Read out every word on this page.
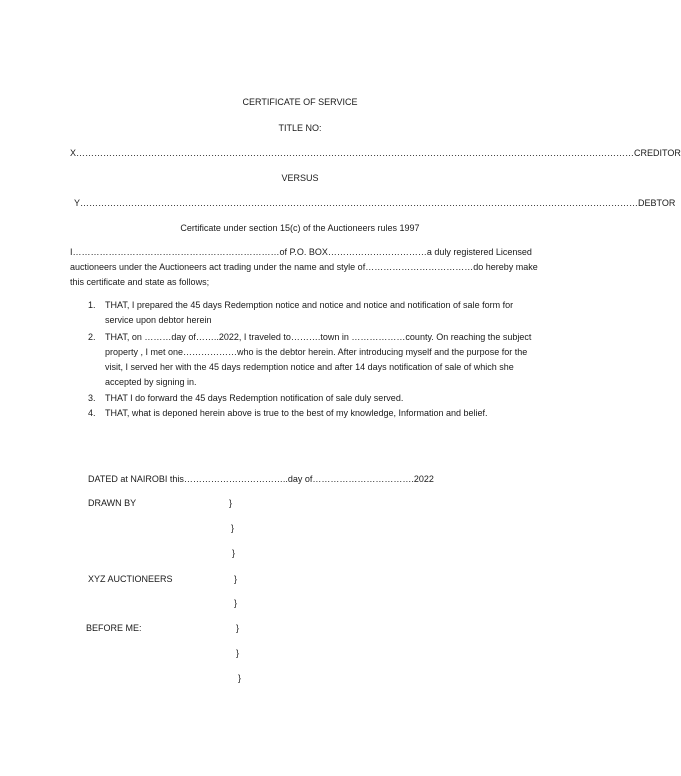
CERTIFICATE OF SERVICE
TITLE NO:
X……………………………………………………………………………………………………………………………………………………………………CREDITOR
VERSUS
Y……………………………………………………………………………………………………………………………………………………………………DEBTOR
Certificate under section 15(c) of the Auctioneers rules 1997
I……………………………………………………………of P.O. BOX……………………………a duly registered Licensed auctioneers under the Auctioneers act trading under the name and style of………………………………do hereby make this certificate and state as follows;
1.	THAT, I prepared the 45 days Redemption notice and notice and notice and notification of sale form for service upon debtor herein
2.	THAT, on ………day of……..2022, I traveled to……….town in ………………county. On reaching the subject property , I met one………………who is the debtor herein. After introducing myself and the purpose for the visit, I served her with the 45 days redemption notice and after 14 days notification of sale of which she accepted by signing in.
3.	THAT I do forward the 45 days Redemption notification of sale duly served.
4.	THAT, what is deponed herein above is true to the best of my knowledge, Information and belief.
DATED at NAIROBI this……………………………..day of…………………………….2022
DRAWN BY	}
}
}
XYZ AUCTIONEERS	}
}
BEFORE ME:	}
}
}
